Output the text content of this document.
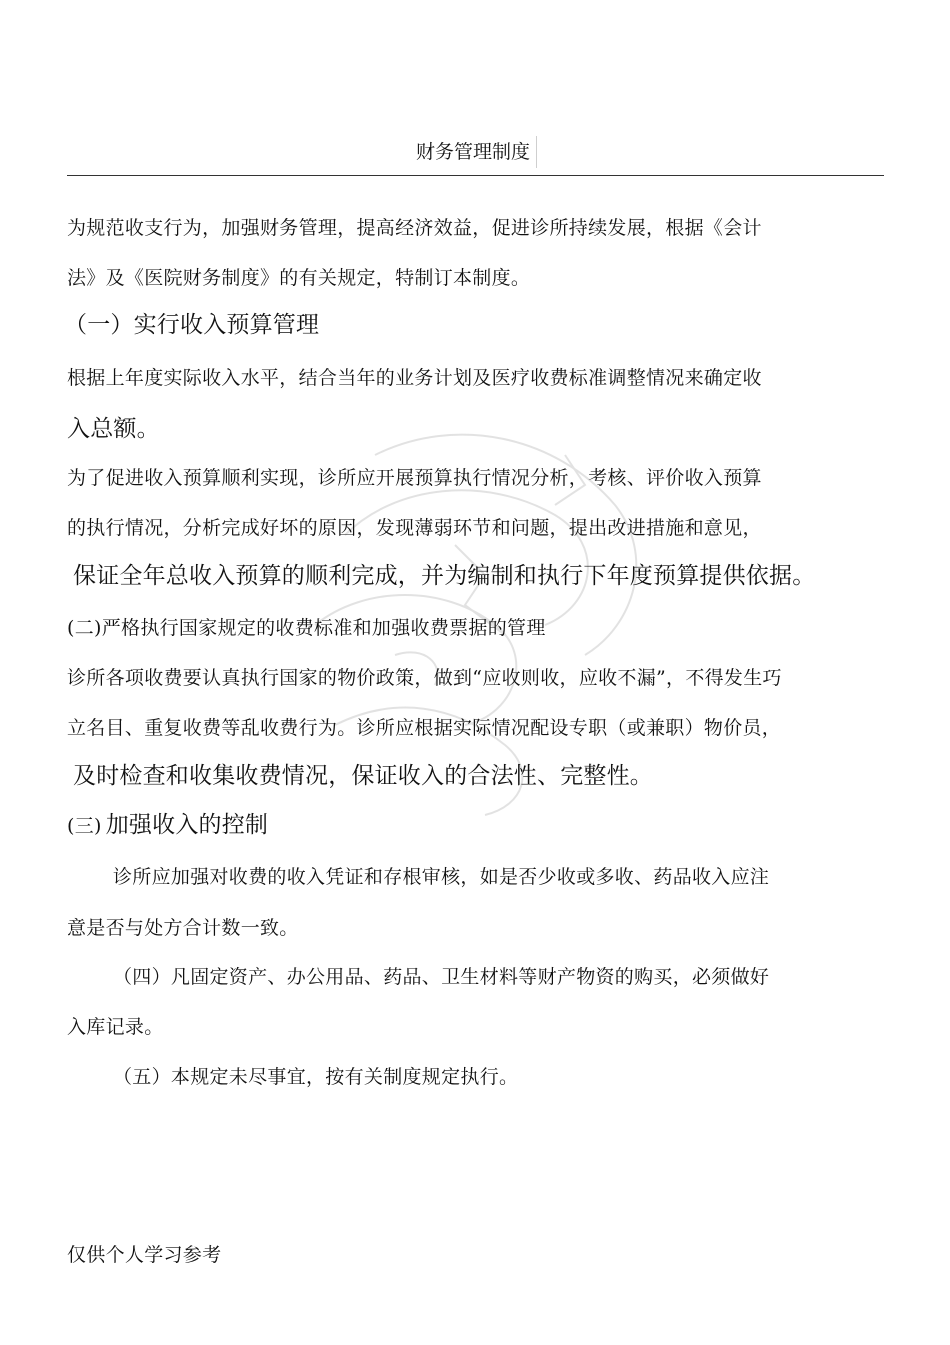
财务管理制度
为规范收支行为，加强财务管理，提高经济效益，促进诊所持续发展，根据《会计
法》及《医院财务制度》的有关规定，特制订本制度。
（一）实行收入预算管理
根据上年度实际收入水平，结合当年的业务计划及医疗收费标准调整情况来确定收
入总额。
为了促进收入预算顺利实现，诊所应开展预算执行情况分析，考核、评价收入预算
的执行情况，分析完成好坏的原因，发现薄弱环节和问题，提出改进措施和意见，
保证全年总收入预算的顺利完成，并为编制和执行下年度预算提供依据。
(二)严格执行国家规定的收费标准和加强收费票据的管理
诊所各项收费要认真执行国家的物价政策，做到“应收则收，应收不漏”，不得发生巧
立名目、重复收费等乱收费行为。诊所应根据实际情况配设专职（或兼职）物价员，
及时检查和收集收费情况，保证收入的合法性、完整性。
(三) 加强收入的控制
诊所应加强对收费的收入凭证和存根审核，如是否少收或多收、药品收入应注
意是否与处方合计数一致。
（四）凡固定资产、办公用品、药品、卫生材料等财产物资的购买，必须做好
入库记录。
（五）本规定未尽事宜，按有关制度规定执行。
仅供个人学习参考
